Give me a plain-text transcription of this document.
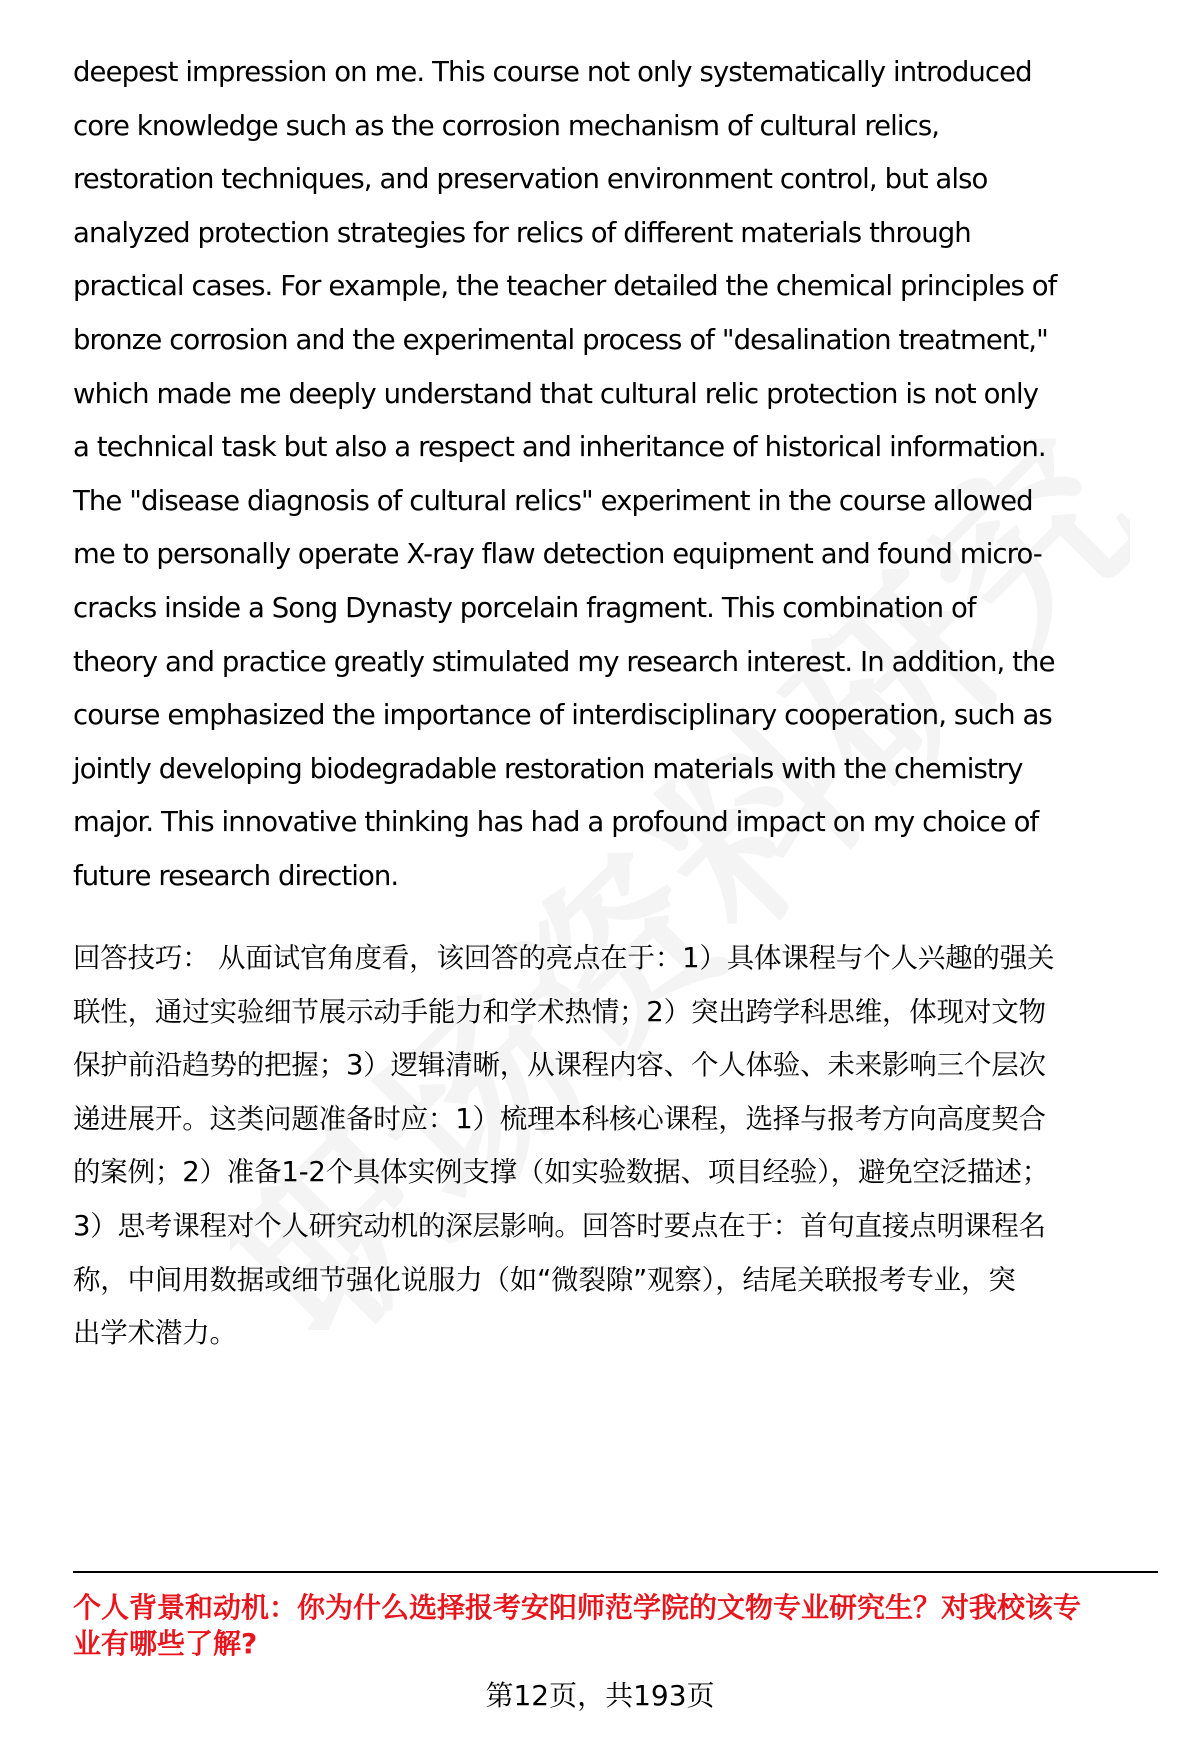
deepest impression on me. This course not only systematically introduced
core knowledge such as the corrosion mechanism of cultural relics,
restoration techniques, and preservation environment control, but also
analyzed protection strategies for relics of different materials through
practical cases. For example, the teacher detailed the chemical principles of
bronze corrosion and the experimental process of "desalination treatment,"
which made me deeply understand that cultural relic protection is not only
a technical task but also a respect and inheritance of historical information.
The "disease diagnosis of cultural relics" experiment in the course allowed
me to personally operate X-ray flaw detection equipment and found micro-
cracks inside a Song Dynasty porcelain fragment. This combination of
theory and practice greatly stimulated my research interest. In addition, the
course emphasized the importance of interdisciplinary cooperation, such as
jointly developing biodegradable restoration materials with the chemistry
major. This innovative thinking has had a profound impact on my choice of
future research direction.
回答技巧： 从面试官角度看，该回答的亮点在于：1）具体课程与个人兴趣的强关
联性，通过实验细节展示动手能力和学术热情；2）突出跨学科思维，体现对文物
保护前沿趋势的把握；3）逻辑清晰，从课程内容、个人体验、未来影响三个层次
递进展开。这类问题准备时应：1）梳理本科核心课程，选择与报考方向高度契合
的案例；2）准备1-2个具体实例支撑（如实验数据、项目经验），避免空泛描述；
3）思考课程对个人研究动机的深层影响。回答时要点在于：首句直接点明课程名
称，中间用数据或细节强化说服力（如“微裂隙”观察），结尾关联报考专业，突
出学术潜力。
个人背景和动机：你为什么选择报考安阳师范学院的文物专业研究生？对我校该专
业有哪些了解?
第12页，共193页
